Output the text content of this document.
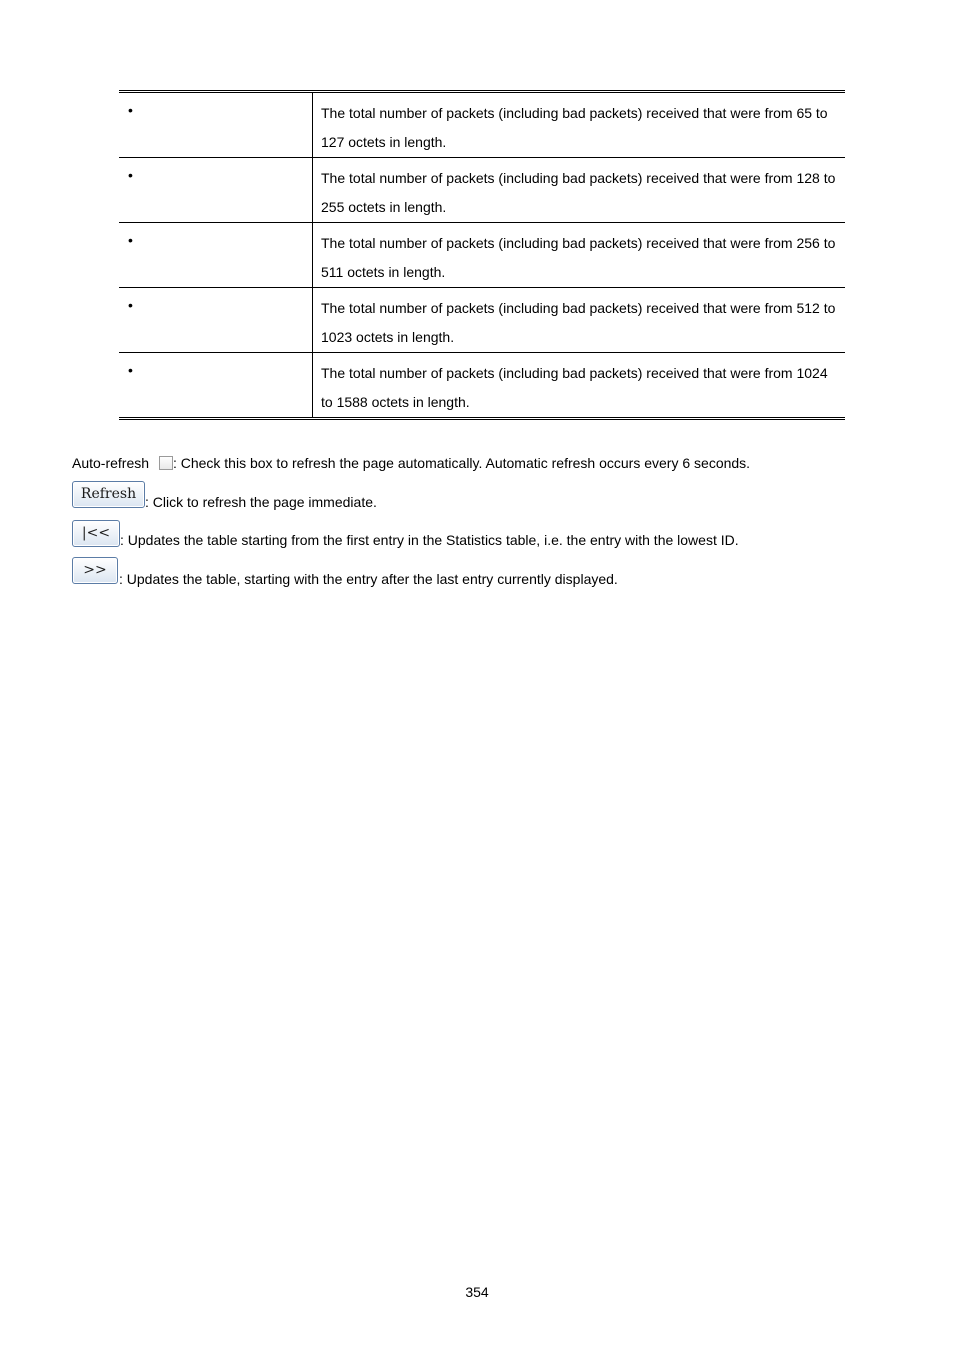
•	The total number of packets (including bad packets) received that were from 65 to 127 octets in length.

•	The total number of packets (including bad packets) received that were from 128 to 255 octets in length.

•	The total number of packets (including bad packets) received that were from 256 to 511 octets in length.

•	The total number of packets (including bad packets) received that were from 512 to 1023 octets in length.

•	The total number of packets (including bad packets) received that were from 1024 to 1588 octets in length.
Auto-refresh : Check this box to refresh the page automatically. Automatic refresh occurs every 6 seconds.
Refresh : Click to refresh the page immediate.
|<< : Updates the table starting from the first entry in the Statistics table, i.e. the entry with the lowest ID.
>>
: Updates the table, starting with the entry after the last entry currently displayed.
354
